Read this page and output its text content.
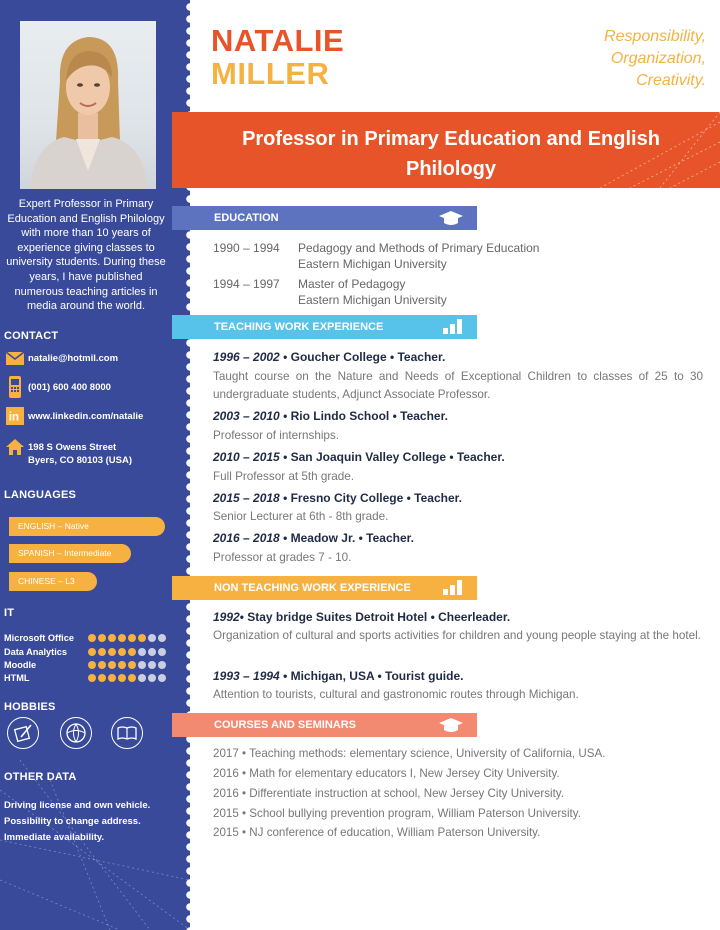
Expert Professor in Primary Education and English Philology with more than 10 years of experience giving classes to university students. During these years, I have published numerous teaching articles in media around the world.
CONTACT
natalie@hotmil.com
(001) 600 400 8000
in www.linkedin.com/natalie
198 S Owens Street
Byers, CO 80103 (USA)
LANGUAGES
ENGLISH – Native
SPANISH – Intermediate
CHINESE – L3
IT
Microsoft Office
Data Analytics
Moodle
HTML
HOBBIES
OTHER DATA
Driving license and own vehicle.
Possibility to change address.
Immediate availability.
NATALIE
MILLER
Responsibility,
Organization,
Creativity.
Professor in Primary Education and English Philology
EDUCATION
1990 – 1994	Pedagogy and Methods of Primary Education
Eastern Michigan University
1994 – 1997	Master of Pedagogy
Eastern Michigan University
TEACHING WORK EXPERIENCE
1996 – 2002 • Goucher College • Teacher.
Taught course on the Nature and Needs of Exceptional Children to classes of 25 to 30 undergraduate students, Adjunct Associate Professor.
2003 – 2010 • Rio Lindo School • Teacher.
Professor of internships.
2010 – 2015 • San Joaquin Valley College • Teacher.
Full Professor at 5th grade.
2015 – 2018 • Fresno City College • Teacher.
Senior Lecturer at 6th - 8th grade.
2016 – 2018 • Meadow Jr. • Teacher.
Professor at grades 7 - 10.
NON TEACHING WORK EXPERIENCE
1992• Stay bridge Suites Detroit Hotel • Cheerleader.
Organization of cultural and sports activities for children and young people staying at the hotel.
1993 – 1994 • Michigan, USA • Tourist guide.
Attention to tourists, cultural and gastronomic routes through Michigan.
COURSES AND SEMINARS
2017 • Teaching methods: elementary science, University of California, USA.
2016 • Math for elementary educators I, New Jersey City University.
2016 • Differentiate instruction at school, New Jersey City University.
2015 • School bullying prevention program, William Paterson University.
2015 • NJ conference of education, William Paterson University.
